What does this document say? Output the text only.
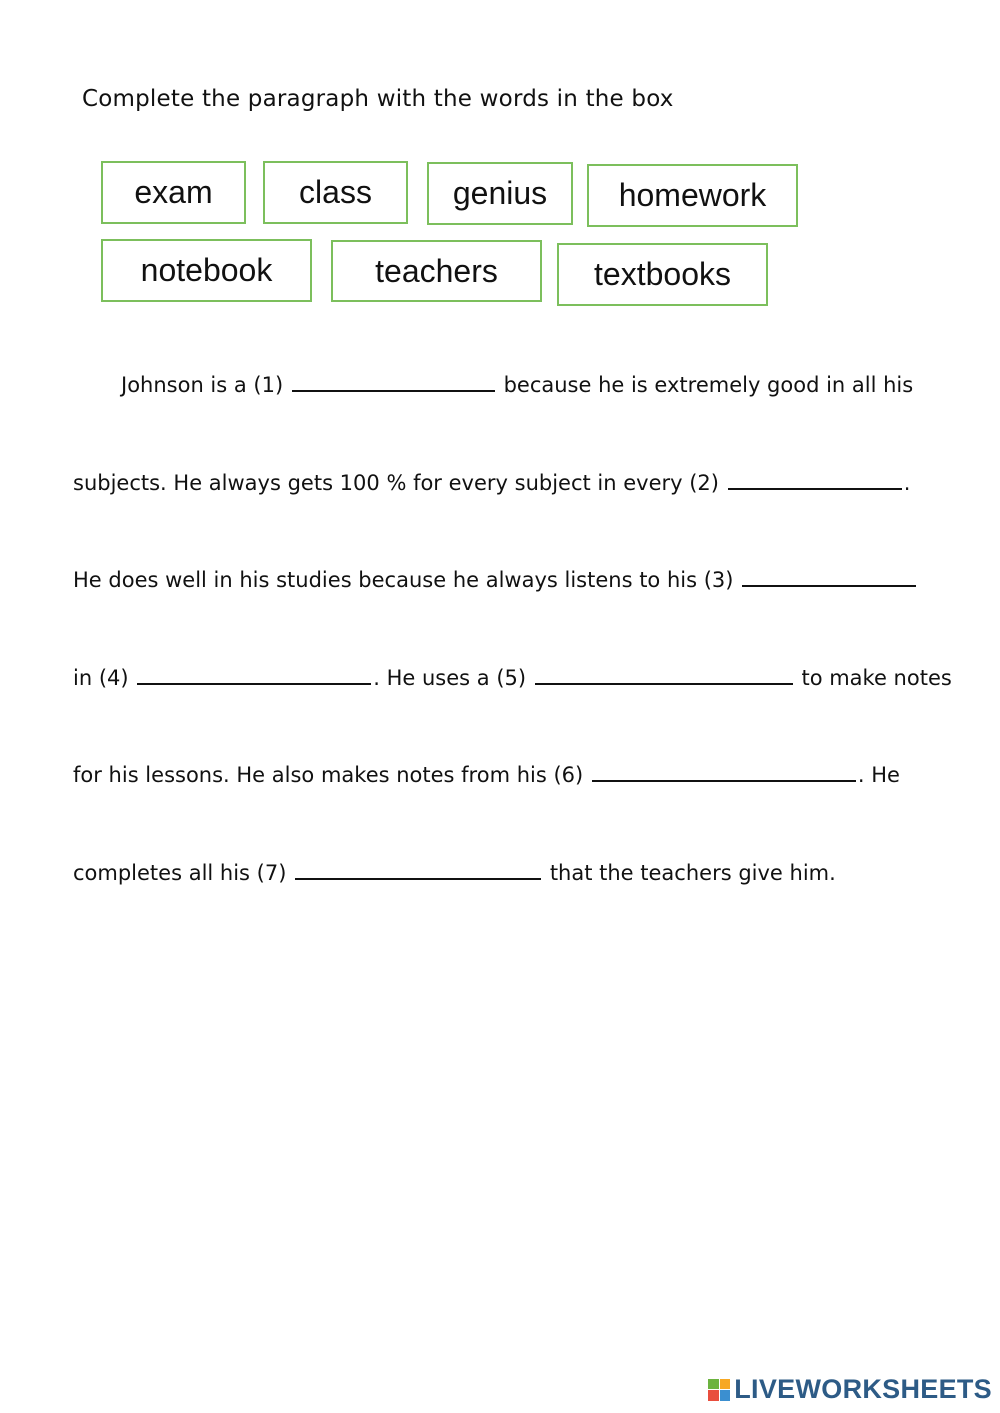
Complete the paragraph with the words in the box
exam	class	genius	homework
notebook	teachers	textbooks
Johnson is a (1)	because he is extremely good in all his
subjects. He always gets 100 % for every subject in every (2)	.
He does well in his studies because he always listens to his (3)
in (4)	. He uses a (5)	to make notes
for his lessons. He also makes notes from his (6)	. He
completes all his (7)	that the teachers give him.
LIVEWORKSHEETS
